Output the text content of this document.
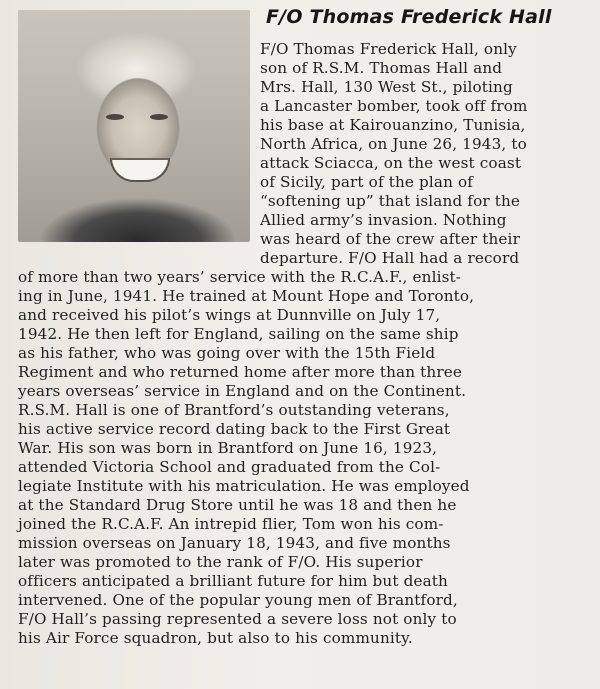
F/O Thomas Frederick Hall
F/O Thomas Frederick Hall, only
son of R.S.M. Thomas Hall and
Mrs. Hall, 130 West St., piloting
a Lancaster bomber, took off from
his base at Kairouanzino, Tunisia,
North Africa, on June 26, 1943, to
attack Sciacca, on the west coast
of Sicily, part of the plan of
“softening up” that island for the
Allied army’s invasion. Nothing
was heard of the crew after their
departure. F/O Hall had a record
of more than two years’ service with the R.C.A.F., enlist-
ing in June, 1941. He trained at Mount Hope and Toronto,
and received his pilot’s wings at Dunnville on July 17,
1942. He then left for England, sailing on the same ship
as his father, who was going over with the 15th Field
Regiment and who returned home after more than three
years overseas’ service in England and on the Continent.
R.S.M. Hall is one of Brantford’s outstanding veterans,
his active service record dating back to the First Great
War. His son was born in Brantford on June 16, 1923,
attended Victoria School and graduated from the Col-
legiate Institute with his matriculation. He was employed
at the Standard Drug Store until he was 18 and then he
joined the R.C.A.F. An intrepid flier, Tom won his com-
mission overseas on January 18, 1943, and five months
later was promoted to the rank of F/O. His superior
officers anticipated a brilliant future for him but death
intervened. One of the popular young men of Brantford,
F/O Hall’s passing represented a severe loss not only to
his Air Force squadron, but also to his community.
